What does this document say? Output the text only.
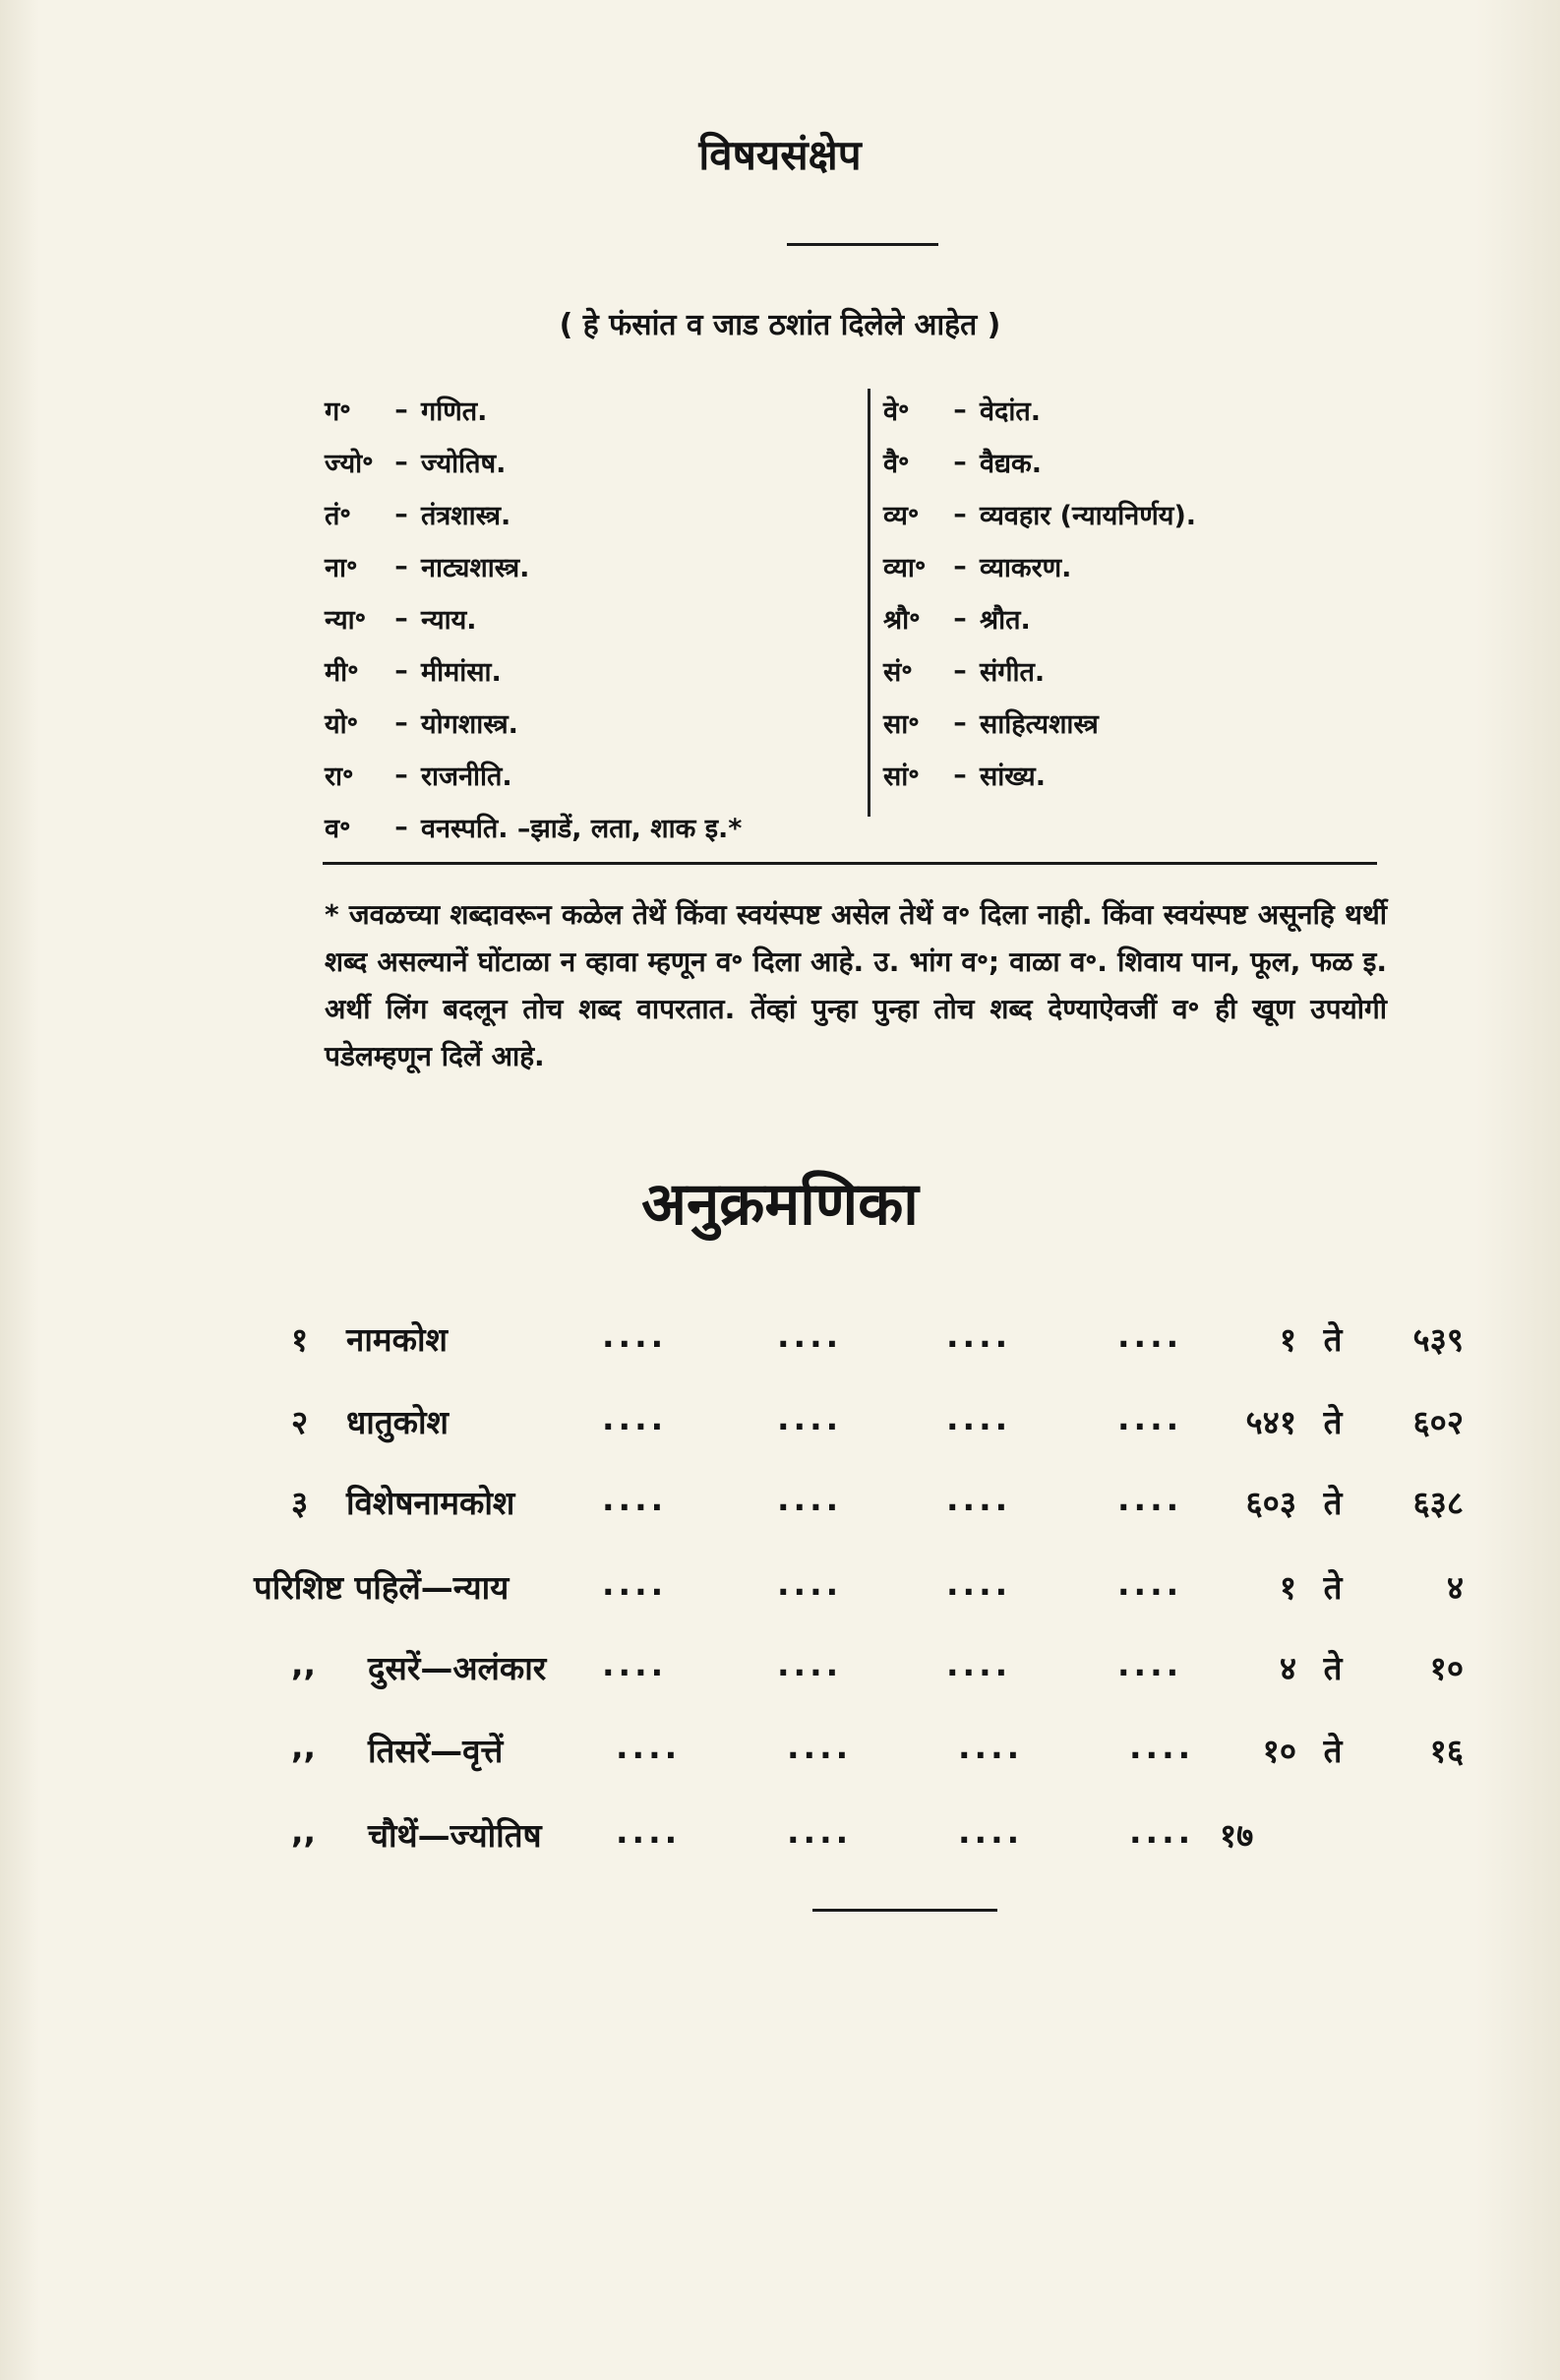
विषयसंक्षेप
( हे फंसांत व जाड ठशांत दिलेले आहेत )
ग॰	– गणित.
ज्यो॰ – ज्योतिष.
तं॰	– तंत्रशास्त्र.
ना॰	– नाट्यशास्त्र.
न्या॰	– न्याय.
मी॰	– मीमांसा.
यो॰	– योगशास्त्र.
रा॰	– राजनीति.
व॰	– वनस्पति. –झाडें, लता, शाक इ.*
वे॰	– वेदांत.
वै॰	– वैद्यक.
व्य॰	– व्यवहार (न्यायनिर्णय).
व्या॰	– व्याकरण.
श्रौ॰	– श्रौत.
सं॰	– संगीत.
सा॰	– साहित्यशास्त्र
सां॰	– सांख्य.
* जवळच्या शब्दावरून कळेल तेथें किंवा स्वयंस्पष्ट असेल तेथें व॰ दिला नाही. किंवा स्वयंस्पष्ट असूनहि थर्थी शब्द असल्यानें घोंटाळा न व्हावा म्हणून व॰ दिला आहे. उ. भांग व॰; वाळा व॰. शिवाय पान, फूल, फळ इ. अर्थी लिंग बदलून तोच शब्द वापरतात. तेंव्हां पुन्हा पुन्हा तोच शब्द देण्याऐवजीं व॰ ही खूण उपयोगी पडेलम्हणून दिलें आहे.
अनुक्रमणिका
१ नामकोश	....	....	....	....	१ ते	५३९
२ धातुकोश	....	....	....	....	५४१ ते	६०२
३ विशेषनामकोश	....	....	....	....	६०३ ते	६३८
परिशिष्ट पहिलें—न्याय	....	....	....	....	१ ते	४
,, दुसरें—अलंकार ....	....	....	....	४ ते	१०
,, तिसरें—वृत्तें	....	....	....	....	१० ते	१६
,, चौथें—ज्योतिष ....	....	....	.... १७
